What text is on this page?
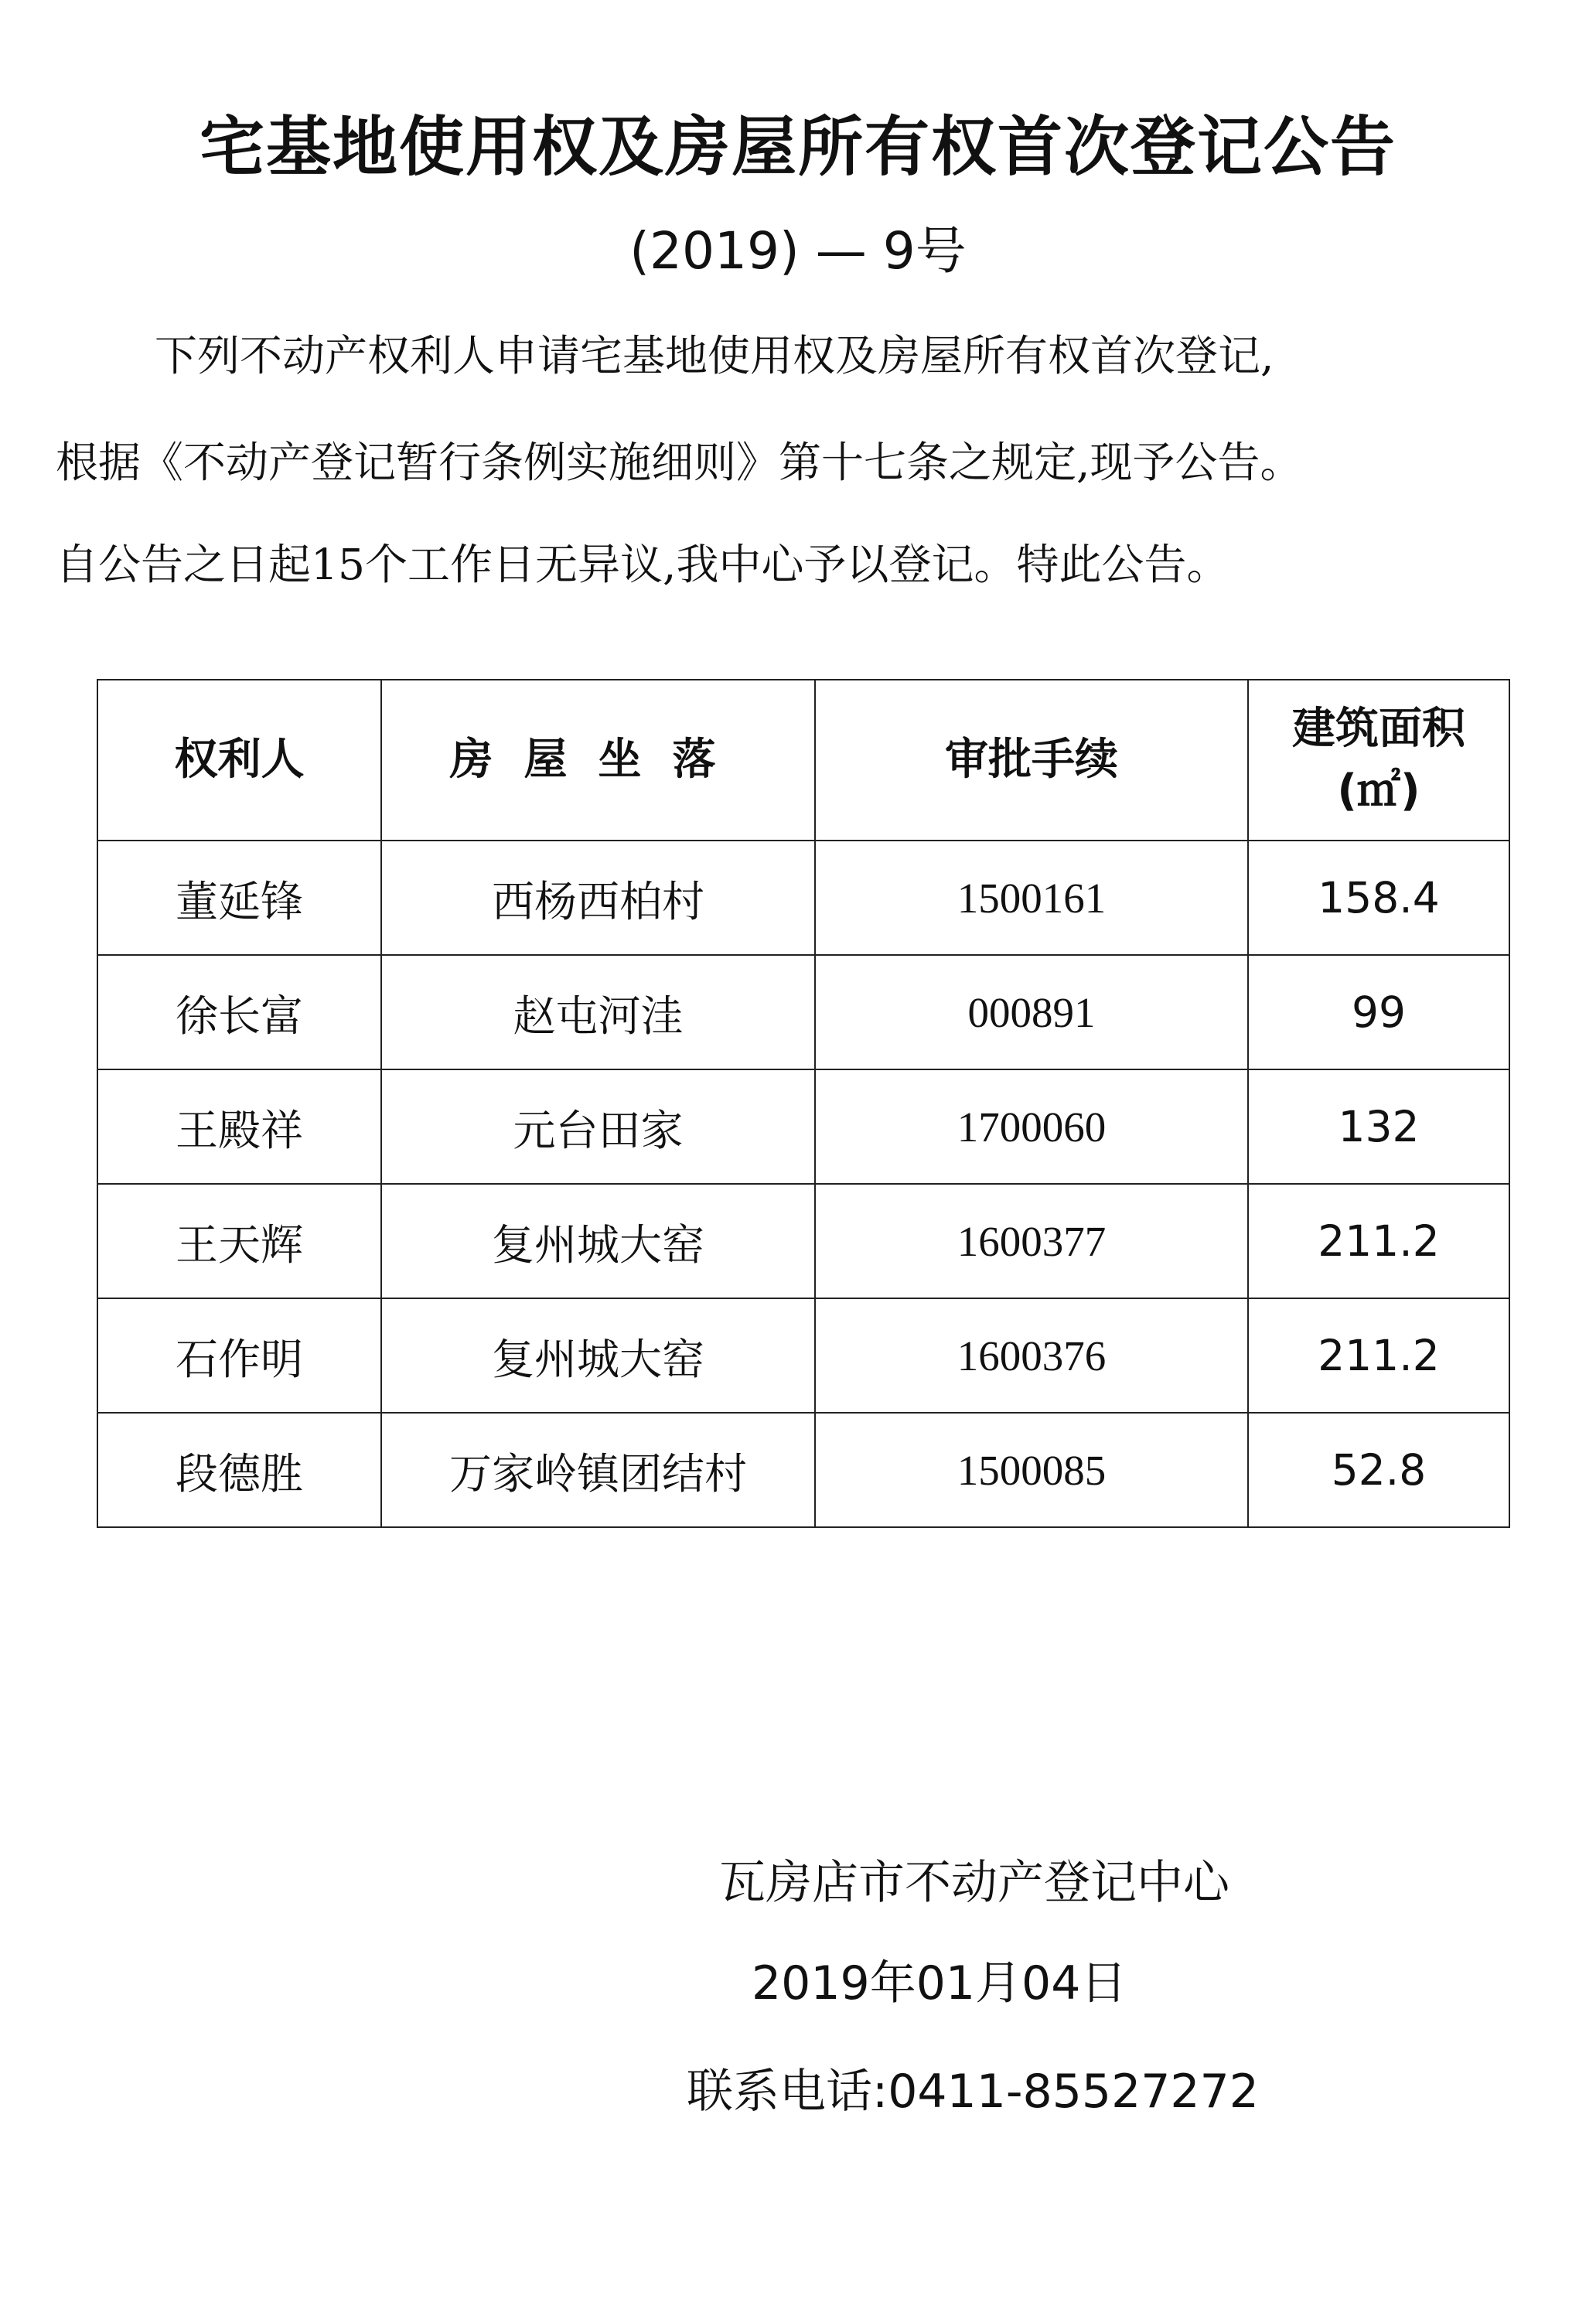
宅基地使用权及房屋所有权首次登记公告
(2019) — 9号
下列不动产权利人申请宅基地使用权及房屋所有权首次登记,
根据《不动产登记暂行条例实施细则》第十七条之规定,现予公告。
自公告之日起15个工作日无异议,我中心予以登记。特此公告。
权利人	房屋坐落	审批手续	建筑面积
(㎡)

董延锋	西杨西柏村	1500161	158.4
徐长富	赵屯河洼	000891	99
王殿祥	元台田家	1700060	132
王天辉	复州城大窑	1600377	211.2
石作明	复州城大窑	1600376	211.2
段德胜	万家岭镇团结村	1500085	52.8
瓦房店市不动产登记中心
2019年01月04日
联系电话:0411-85527272
